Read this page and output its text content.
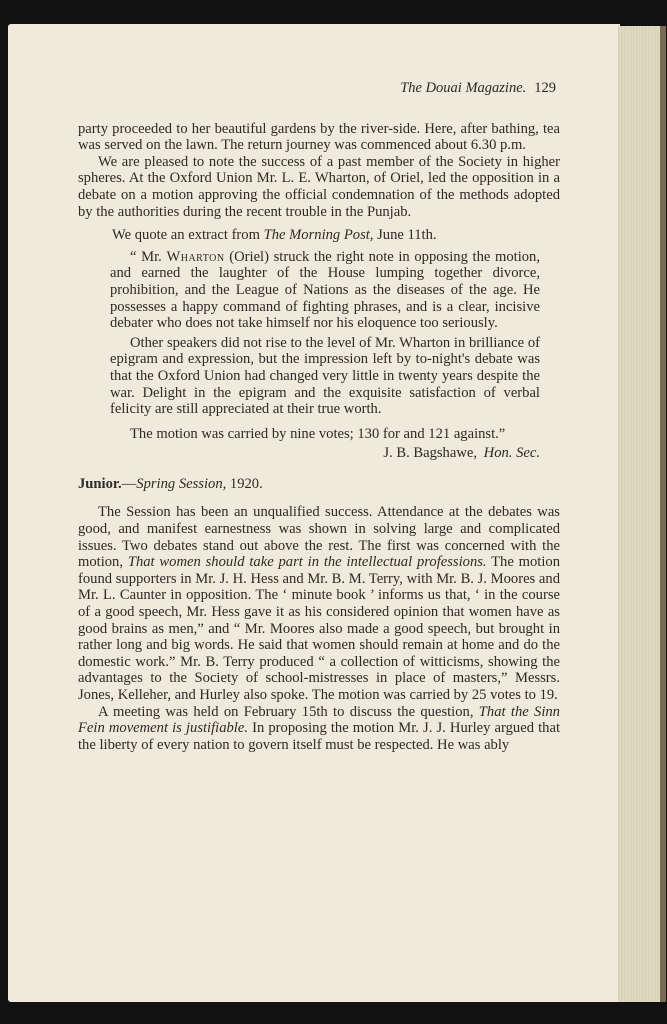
The Douai Magazine. 129

party proceeded to her beautiful gardens by the river-side. Here, after bathing, tea was served on the lawn. The return journey was commenced about 6.30 p.m.

We are pleased to note the success of a past member of the Society in higher spheres. At the Oxford Union Mr. L. E. Wharton, of Oriel, led the opposition in a debate on a motion approving the official condemnation of the methods adopted by the authorities during the recent trouble in the Punjab.

We quote an extract from The Morning Post, June 11th.

“ Mr. Wharton (Oriel) struck the right note in opposing the motion, and earned the laughter of the House lumping together divorce, prohibition, and the League of Nations as the diseases of the age. He possesses a happy command of fighting phrases, and is a clear, incisive debater who does not take himself nor his eloquence too seriously.

Other speakers did not rise to the level of Mr. Wharton in brilliance of epigram and expression, but the impression left by to-night's debate was that the Oxford Union had changed very little in twenty years despite the war. Delight in the epigram and the exquisite satisfaction of verbal felicity are still appreciated at their true worth.

The motion was carried by nine votes; 130 for and 121 against.”

J. B. Bagshawe, Hon. Sec.

Junior.—Spring Session, 1920.

The Session has been an unqualified success. Attendance at the debates was good, and manifest earnestness was shown in solving large and complicated issues. Two debates stand out above the rest. The first was concerned with the motion, That women should take part in the intellectual professions. The motion found supporters in Mr. J. H. Hess and Mr. B. M. Terry, with Mr. B. J. Moores and Mr. L. Caunter in opposition. The ‘ minute book ’ informs us that, ‘ in the course of a good speech, Mr. Hess gave it as his considered opinion that women have as good brains as men,” and “ Mr. Moores also made a good speech, but brought in rather long and big words. He said that women should remain at home and do the domestic work.” Mr. B. Terry produced “ a collection of witticisms, showing the advantages to the Society of school-mistresses in place of masters,” Messrs. Jones, Kelleher, and Hurley also spoke. The motion was carried by 25 votes to 19.

A meeting was held on February 15th to discuss the question, That the Sinn Fein movement is justifiable. In proposing the motion Mr. J. J. Hurley argued that the liberty of every nation to govern itself must be respected. He was ably
